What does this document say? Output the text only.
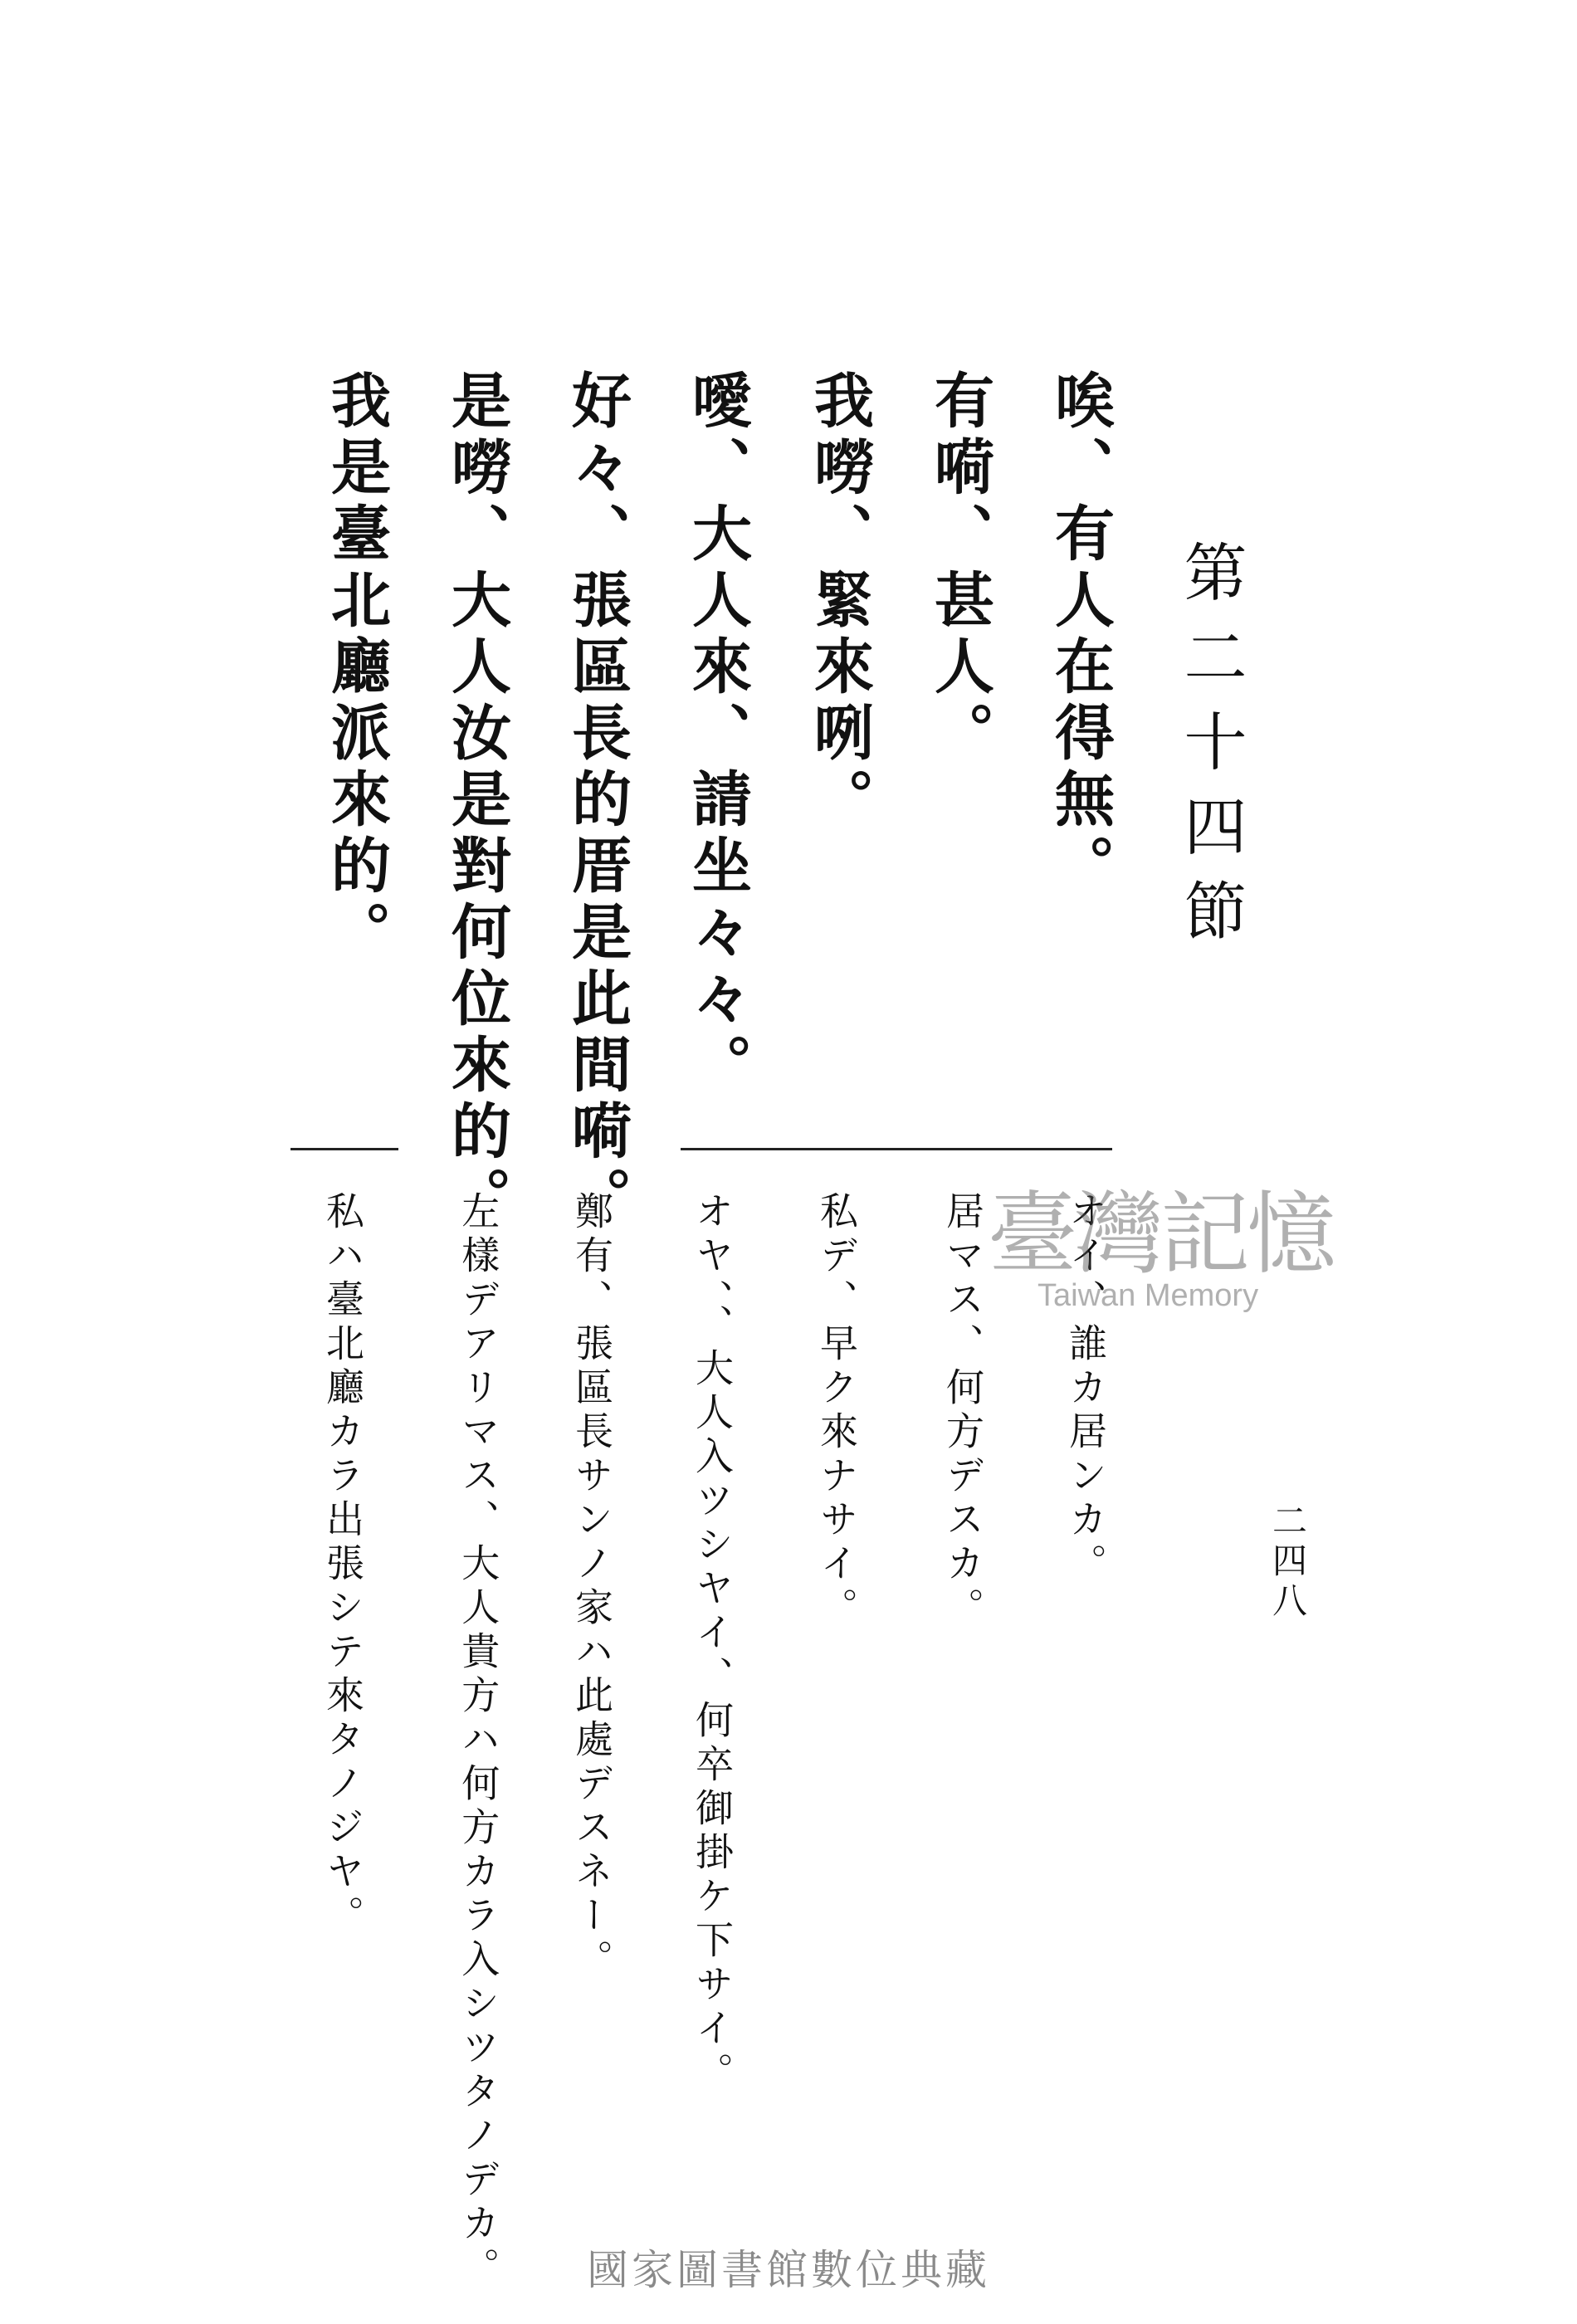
第二十四節
唉、有人在得無。
有嗬、甚人。
我嘮、緊來咧。
噯、大人來、請坐々々。
好々、張區長的厝是此間嗬。
是嘮、大人汝是對何位來的。
我是臺北廳派來的。
オイ、誰カ居ンカ。
居マス、何方デスカ。
私デ、早ク來ナサイ。
オヤ、、大人入ツシヤイ、何卒御掛ケ下サイ。
鄭有、張區長サンノ家ハ此處デスネー。
左樣デアリマス、大人貴方ハ何方カラ入シツタノデカ。
私ハ臺北廳カラ出張シテ來タノジヤ。	二四八
臺灣記憶
Taiwan Memory
國家圖書館數位典藏
